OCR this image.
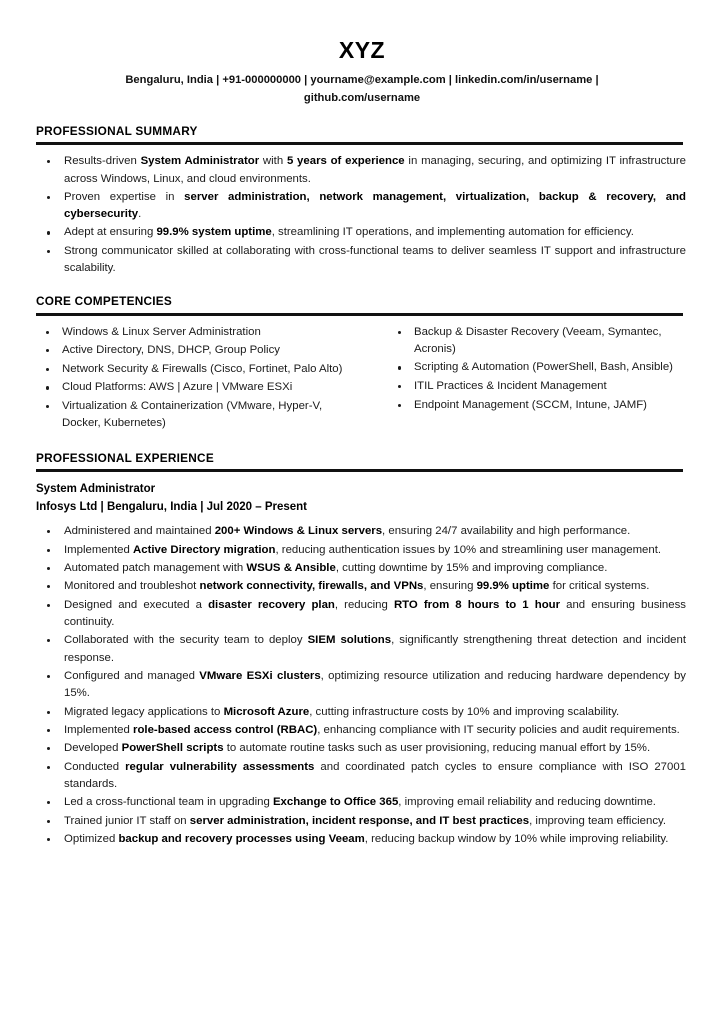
XYZ
Bengaluru, India | +91-000000000 | yourname@example.com | linkedin.com/in/username | github.com/username
PROFESSIONAL SUMMARY
Results-driven System Administrator with 5 years of experience in managing, securing, and optimizing IT infrastructure across Windows, Linux, and cloud environments.
Proven expertise in server administration, network management, virtualization, backup & recovery, and cybersecurity.
Adept at ensuring 99.9% system uptime, streamlining IT operations, and implementing automation for efficiency.
Strong communicator skilled at collaborating with cross-functional teams to deliver seamless IT support and infrastructure scalability.
CORE COMPETENCIES
Windows & Linux Server Administration
Active Directory, DNS, DHCP, Group Policy
Network Security & Firewalls (Cisco, Fortinet, Palo Alto)
Cloud Platforms: AWS | Azure | VMware ESXi
Virtualization & Containerization (VMware, Hyper-V, Docker, Kubernetes)
Backup & Disaster Recovery (Veeam, Symantec, Acronis)
Scripting & Automation (PowerShell, Bash, Ansible)
ITIL Practices & Incident Management
Endpoint Management (SCCM, Intune, JAMF)
PROFESSIONAL EXPERIENCE
System Administrator
Infosys Ltd | Bengaluru, India | Jul 2020 – Present
Administered and maintained 200+ Windows & Linux servers, ensuring 24/7 availability and high performance.
Implemented Active Directory migration, reducing authentication issues by 10% and streamlining user management.
Automated patch management with WSUS & Ansible, cutting downtime by 15% and improving compliance.
Monitored and troubleshot network connectivity, firewalls, and VPNs, ensuring 99.9% uptime for critical systems.
Designed and executed a disaster recovery plan, reducing RTO from 8 hours to 1 hour and ensuring business continuity.
Collaborated with the security team to deploy SIEM solutions, significantly strengthening threat detection and incident response.
Configured and managed VMware ESXi clusters, optimizing resource utilization and reducing hardware dependency by 15%.
Migrated legacy applications to Microsoft Azure, cutting infrastructure costs by 10% and improving scalability.
Implemented role-based access control (RBAC), enhancing compliance with IT security policies and audit requirements.
Developed PowerShell scripts to automate routine tasks such as user provisioning, reducing manual effort by 15%.
Conducted regular vulnerability assessments and coordinated patch cycles to ensure compliance with ISO 27001 standards.
Led a cross-functional team in upgrading Exchange to Office 365, improving email reliability and reducing downtime.
Trained junior IT staff on server administration, incident response, and IT best practices, improving team efficiency.
Optimized backup and recovery processes using Veeam, reducing backup window by 10% while improving reliability.
